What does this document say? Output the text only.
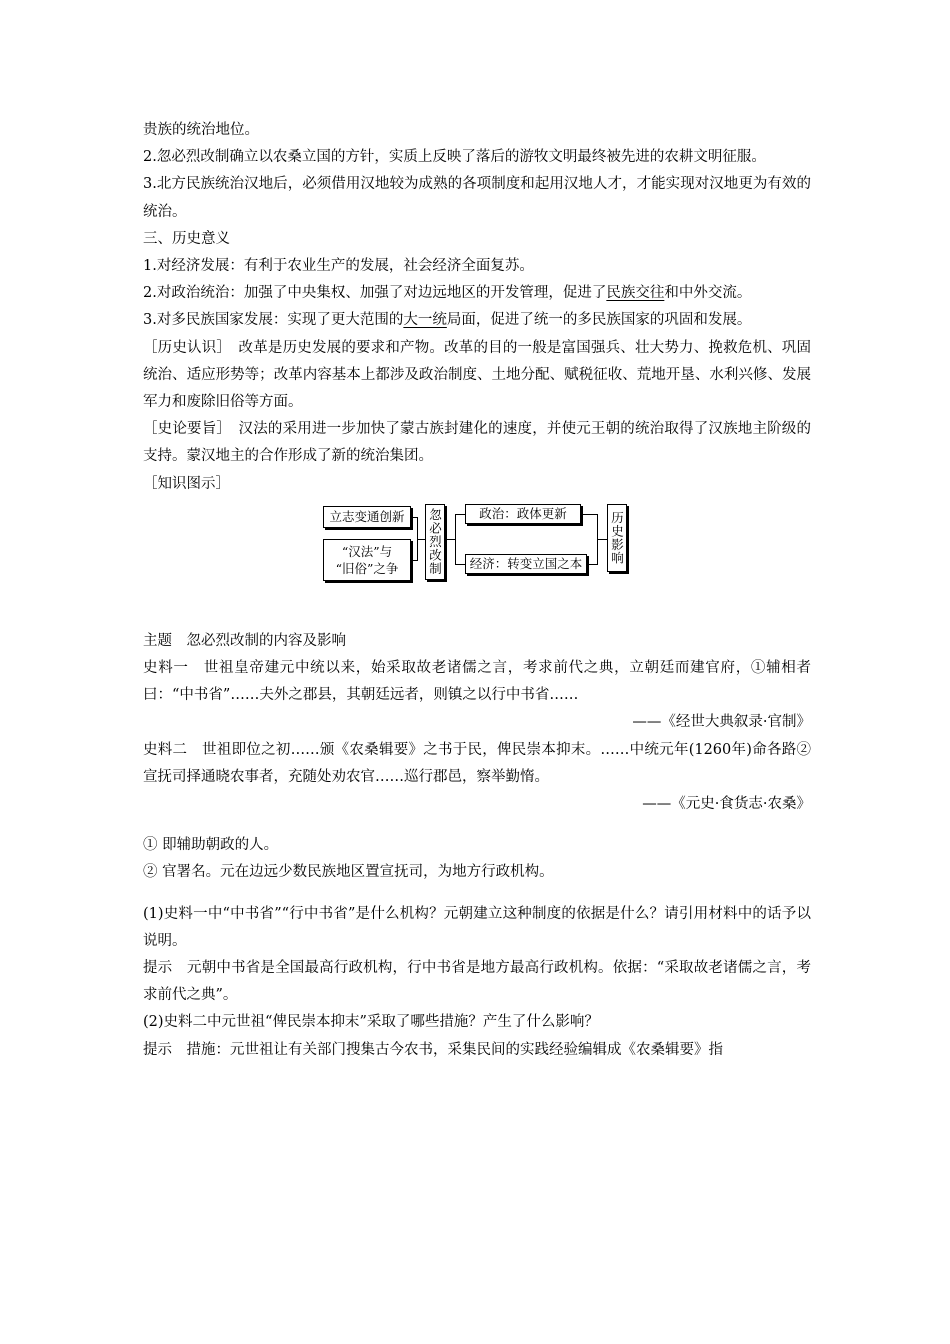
贵族的统治地位。

2.忽必烈改制确立以农桑立国的方针，实质上反映了落后的游牧文明最终被先进的农耕文明征服。

3.北方民族统治汉地后，必须借用汉地较为成熟的各项制度和起用汉地人才，才能实现对汉地更为有效的统治。

三、历史意义

1.对经济发展：有利于农业生产的发展，社会经济全面复苏。

2.对政治统治：加强了中央集权、加强了对边远地区的开发管理，促进了民族交往和中外交流。

3.对多民族国家发展：实现了更大范围的大一统局面，促进了统一的多民族国家的巩固和发展。

［历史认识］　改革是历史发展的要求和产物。改革的目的一般是富国强兵、壮大势力、挽救危机、巩固统治、适应形势等；改革内容基本上都涉及政治制度、土地分配、赋税征收、荒地开垦、水利兴修、发展军力和废除旧俗等方面。

［史论要旨］　汉法的采用进一步加快了蒙古族封建化的速度，并使元王朝的统治取得了汉族地主阶级的支持。蒙汉地主的合作形成了新的统治集团。

［知识图示］

立志变通创新
“汉法”与
“旧俗”之争 忽必烈改制	政治：政体更新
经济：转变立国之本	历史影响

主题　忽必烈改制的内容及影响

史料一　世祖皇帝建元中统以来，始采取故老诸儒之言，考求前代之典，立朝廷而建官府，①辅相者曰：“中书省”……夫外之郡县，其朝廷远者，则镇之以行中书省……

——《经世大典叙录·官制》

史料二　世祖即位之初……颁《农桑辑要》之书于民，俾民崇本抑末。……中统元年(1260年)命各路②宣抚司择通晓农事者，充随处劝农官……巡行郡邑，察举勤惰。

——《元史·食货志·农桑》

① 即辅助朝政的人。

② 官署名。元在边远少数民族地区置宣抚司，为地方行政机构。

(1)史料一中“中书省”“行中书省”是什么机构？元朝建立这种制度的依据是什么？请引用材料中的话予以说明。

提示　元朝中书省是全国最高行政机构，行中书省是地方最高行政机构。依据：“采取故老诸儒之言，考求前代之典”。

(2)史料二中元世祖“俾民崇本抑末”采取了哪些措施？产生了什么影响？

提示　措施：元世祖让有关部门搜集古今农书，采集民间的实践经验编辑成《农桑辑要》指
